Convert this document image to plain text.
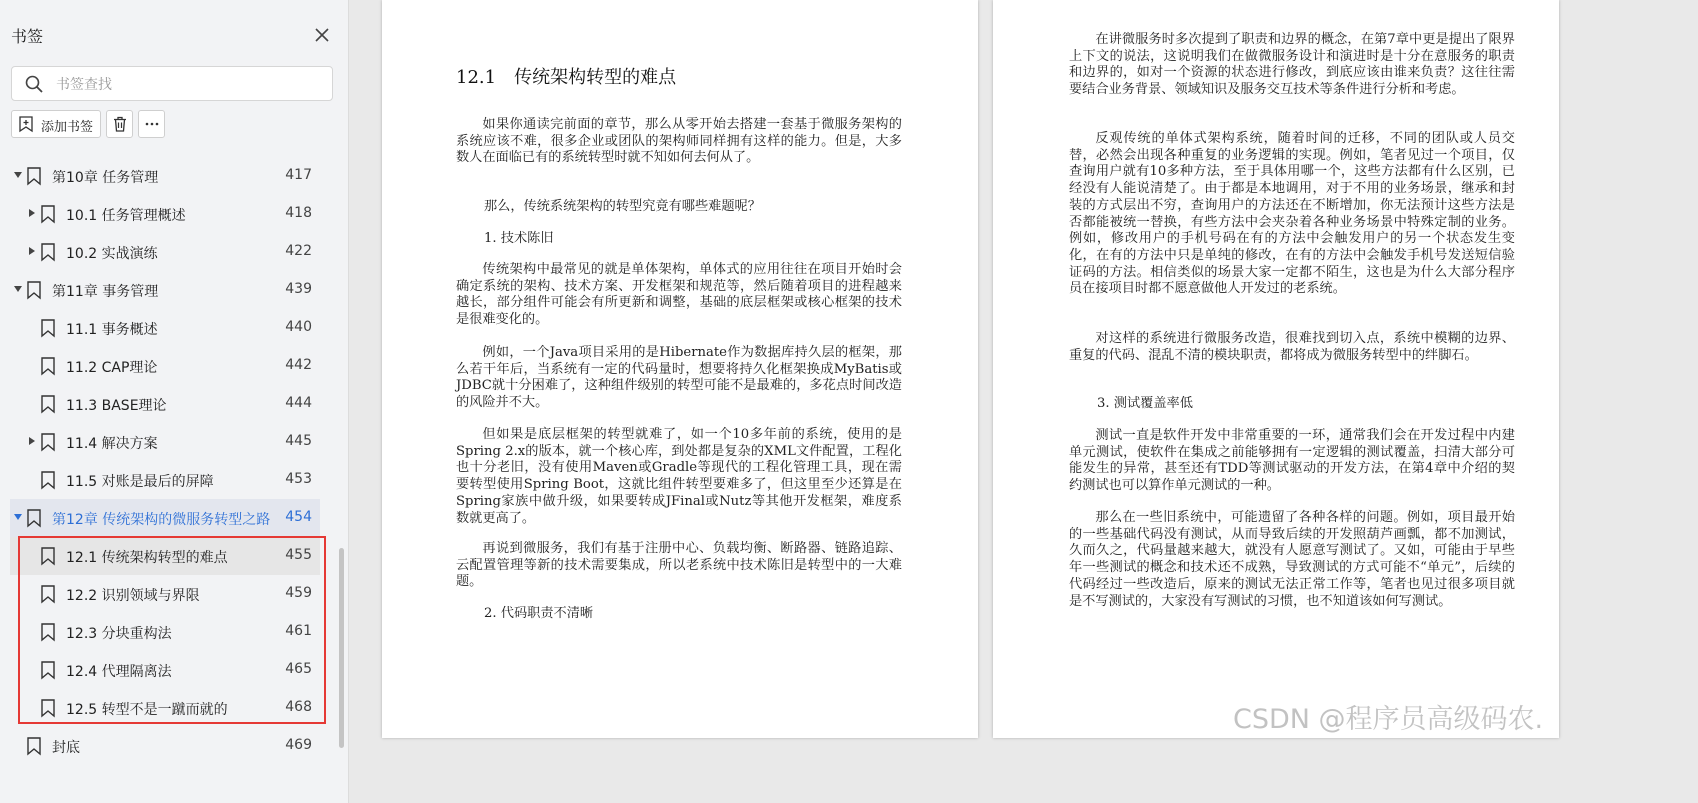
书签
书签查找
添加书签
第10章 任务管理	417
10.1 任务管理概述	418
10.2 实战演练	422
第11章 事务管理	439
11.1 事务概述	440
11.2 CAP理论	442
11.3 BASE理论	444
11.4 解决方案	445
11.5 对账是最后的屏障	453
第12章 传统架构的微服务转型之路 454
12.1 传统架构转型的难点	455
12.2 识别领域与界限	459
12.3 分块重构法	461
12.4 代理隔离法	465
12.5 转型不是一蹴而就的	468
封底	469
12.1　传统架构转型的难点

如果你通读完前面的章节，那么从零开始去搭建一套基于微服务架构的系统应该不难，很多企业或团队的架构师同样拥有这样的能力。但是，大多数人在面临已有的系统转型时就不知如何去何从了。

那么，传统系统架构的转型究竟有哪些难题呢？

1. 技术陈旧

传统架构中最常见的就是单体架构，单体式的应用往往在项目开始时会确定系统的架构、技术方案、开发框架和规范等，然后随着项目的进程越来越长，部分组件可能会有所更新和调整，基础的底层框架或核心框架的技术是很难变化的。

例如，一个Java项目采用的是Hibernate作为数据库持久层的框架，那么若干年后，当系统有一定的代码量时，想要将持久化框架换成MyBatis或JDBC就十分困难了，这种组件级别的转型可能不是最难的，多花点时间改造的风险并不大。

但如果是底层框架的转型就难了，如一个10多年前的系统，使用的是Spring 2.x的版本，就一个核心库，到处都是复杂的XML文件配置，工程化也十分老旧，没有使用Maven或Gradle等现代的工程化管理工具，现在需要转型使用Spring Boot，这就比组件转型要难多了，但这里至少还算是在Spring家族中做升级，如果要转成JFinal或Nutz等其他开发框架，难度系数就更高了。

再说到微服务，我们有基于注册中心、负载均衡、断路器、链路追踪、云配置管理等新的技术需要集成，所以老系统中技术陈旧是转型中的一大难题。

2. 代码职责不清晰

在讲微服务时多次提到了职责和边界的概念，在第7章中更是提出了限界上下文的说法，这说明我们在做微服务设计和演进时是十分在意服务的职责和边界的，如对一个资源的状态进行修改，到底应该由谁来负责？这往往需要结合业务背景、领域知识及服务交互技术等条件进行分析和考虑。

反观传统的单体式架构系统，随着时间的迁移，不同的团队或人员交替，必然会出现各种重复的业务逻辑的实现。例如，笔者见过一个项目，仅查询用户就有10多种方法，至于具体用哪一个，这些方法都有什么区别，已经没有人能说清楚了。由于都是本地调用，对于不用的业务场景，继承和封装的方式层出不穷，查询用户的方法还在不断增加，你无法预计这些方法是否都能被统一替换，有些方法中会夹杂着各种业务场景中特殊定制的业务。例如，修改用户的手机号码在有的方法中会触发用户的另一个状态发生变化，在有的方法中只是单纯的修改，在有的方法中会触发手机号发送短信验证码的方法。相信类似的场景大家一定都不陌生，这也是为什么大部分程序员在接项目时都不愿意做他人开发过的老系统。

对这样的系统进行微服务改造，很难找到切入点，系统中模糊的边界、重复的代码、混乱不清的模块职责，都将成为微服务转型中的绊脚石。

3. 测试覆盖率低

测试一直是软件开发中非常重要的一环，通常我们会在开发过程中内建单元测试，使软件在集成之前能够拥有一定逻辑的测试覆盖，扫清大部分可能发生的异常，甚至还有TDD等测试驱动的开发方法，在第4章中介绍的契约测试也可以算作单元测试的一种。

那么在一些旧系统中，可能遗留了各种各样的问题。例如，项目最开始的一些基础代码没有测试，从而导致后续的开发照葫芦画瓢，都不加测试，久而久之，代码量越来越大，就没有人愿意写测试了。又如，可能由于早些年一些测试的概念和技术还不成熟，导致测试的方式可能不“单元”，后续的代码经过一些改造后，原来的测试无法正常工作等，笔者也见过很多项目就是不写测试的，大家没有写测试的习惯，也不知道该如何写测试。

CSDN @程序员高级码农.
